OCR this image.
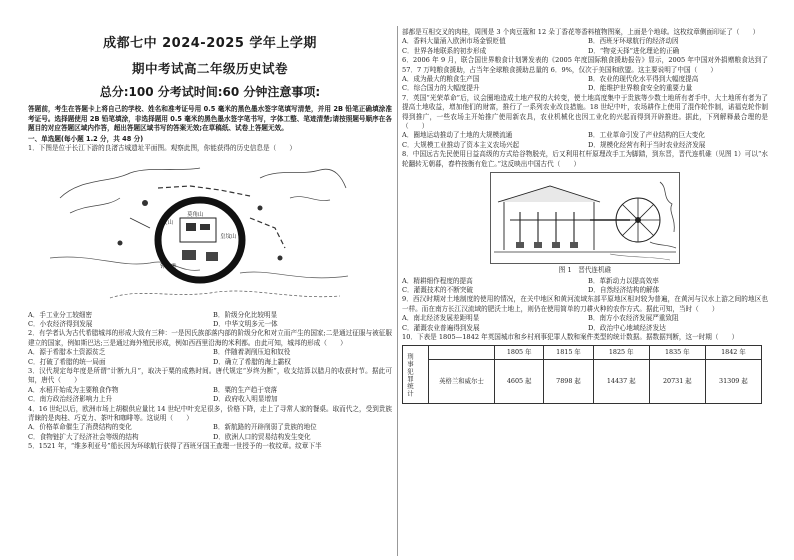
成都七中 2024-2025 学年上学期
期中考试高二年级历史试卷
总分:100 分考试时间:60 分钟注意事项:
答题前，考生在答题卡上将自己的学校、姓名和准考证号用 0.5 毫米的黑色墨水签字笔填写清楚，并用 2B 铅笔正确填涂准考证号。选择题使用 2B 铅笔填涂，非选择题用 0.5 毫米的黑色墨水签字笔书写，字体工整、笔迹清楚;请按照题号顺序在各题目的对应答题区域内作答，超出答题区域书写的答案无效;在草稿纸、试卷上答题无效。
一、单选题(每小题 1.2 分，共 48 分)

1．下图是位于长江下游的良渚古城遗址平面图。观察此图，你能获得的历史信息是（　　）

莫角山
皇坟山
钟家港
反山
A．手工业分工较细密	B．阶级分化比较明显
C．小农经济得到发展	D．中华文明多元一体

2．有学者认为古代希腊城邦的形成大致有三种：一是因氏族部落内部的阶级分化和对立而产生的国家;二是通过征服与被征服建立的国家，例如斯巴达;三是通过海外殖民形成，例如西西里沿海的米利都。由此可知，城邦的形成（　　）

A．源于希腊本土资源贫乏	B．伴随着剥削压迫和奴役
C．打破了希腊的统一局面	D．确立了希腊的海上霸权

3．汉代规定每年度是所谓“计断九月”，取决于粟的成熟时间。唐代规定“岁终为断”，收支结算以腊月的收获时节。据此可知，唐代（　　）

A．水稻开始成为主要粮食作物	B．粟的生产趋于衰落
C．南方政治经济影响力上升	D．政府收入明显增加

4．16 世纪以后，欧洲市场上胡椒供应量比 14 世纪中叶充足很多，价格下降，走上了寻常人家的餐桌。取而代之，受到贵族青睐的是肉桂、巧克力、茶叶和咖啡等。这说明（　　）

A．价格革命催生了消费结构的变化	B．新航路的开辟削弱了贵族的地位
C．食物链扩大了经济社会等级的结构	D．欧洲人口的贸易结构发生变化

5．1521 年，“维多利亚号”船长因为环球航行获得了西班牙国王查理一世授予的一枚纹章。纹章下半

部都是互相交叉的肉桂，周围是 3 个肉豆蔻和 12 朵丁香花等香料植物图案，上面是个地球。这枚纹章侧面印证了（　　）

A．香料大量涌入欧洲市场金银贬值	B．西班牙环球航行的经济动因
C．世界各地联系的初步形成	D．“物竞天择”进化理论的正确

6．2006 年 9 月，联合国世界粮食计划署发表的《2005 年度国际粮食援助报告》显示，2005 年中国对外捐赠粮食达到了 57．7 万吨粮食援助，占当年全球粮食援助总量的 6．9%，仅次于美国和欧盟。这主要说明了中国（　　）

A．成为最大的粮食生产国	B．农业的现代化水平得到大幅度提高
C．综合国力的大幅度提升	D．能维护世界粮食安全的重要力量

7．英国“光荣革命”后，议会圈地造成土地产权的大转变，使土地高度集中于贵族等少数土地所有者手中，大土地所有者为了提高土地收益，增加他们的财富，推行了一系列农业改良措施。18 世纪中叶，农场耕作上使用了混作轮作制，诺福克轮作制得到推广，一些农场主开始推广使用新农具，农业机械化也因工业化的兴起而得到开辟推进。据此，下列解释最合理的是（　　）

A．圈地运动推动了土地的大规模流通	B．工业革命引发了产业结构的巨大变化
C．大规模工业推动了资本主义农场兴起	D．规模化经营有利于当时农业经济发展

8．中国远古先民使用日益高级的方式给谷物脱壳，后又利用杠杆原理改手工为脚踏，到东晋，晋代连机碓（见图 1）可以“水轮翻转无朝暮，舂杵按衡有危亡。”这反映出中国古代（　　）

图 1　晋代连机碓
A．精耕细作程度的提高	B．革新动力以提高效率
C．灌溉技术的不断突破	D．自然经济结构的解体

9．西汉时期对土地制度的使用的情况，在关中地区和黄河流域东部平原地区相对较为普遍，在黄河与汉水上游之间的地区也一样。而在南方长江汉流域的肥沃土地上，则仍在使用简单的刀耕火种的农作方式。据此可知，当时（　　）

A．南北经济发展差距明显	B．南方小农经济发展严重致阻
C．灌溉农业普遍得到发展	D．政治中心地域经济发达

10．下表是 1805—1842 年英国城市和乡村刑事犯罪人数和案件类型的统计数据。据数据判断，这一时期（　　）

刑事犯罪统计		1805 年	1815 年	1825 年	1835 年	1842 年
	英格兰和威尔士	4605 起	7898 起	14437 起	20731 起	31309 起
